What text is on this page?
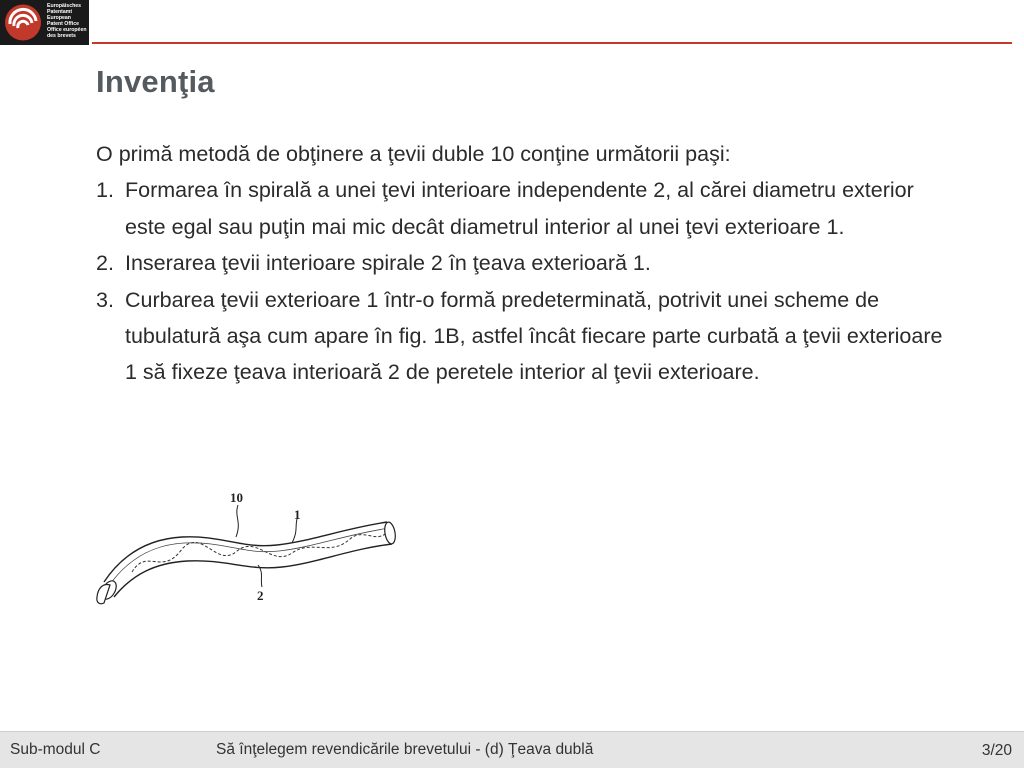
Europäisches
Patentamt
European
Patent Office
Office européen
des brevets
Invenţia

O primă metodă de obţinere a ţevii duble 10 conţine următorii paşi:

1. Formarea în spirală a unei ţevi interioare independente 2, al cărei diametru exterior este egal sau puţin mai mic decât diametrul interior al unei ţevi exterioare 1.
2. Inserarea ţevii interioare spirale 2 în ţeava exterioară 1.
3. Curbarea ţevii exterioare 1 într-o formă predeterminată, potrivit unei scheme de tubulatură aşa cum apare în fig. 1B, astfel încât fiecare parte curbată a ţevii exterioare 1 să fixeze ţeava interioară 2 de peretele interior al ţevii exterioare.
10
1
2
Sub-modul C	Să înţelegem revendicările brevetului - (d) Ţeava dublă	3/20
